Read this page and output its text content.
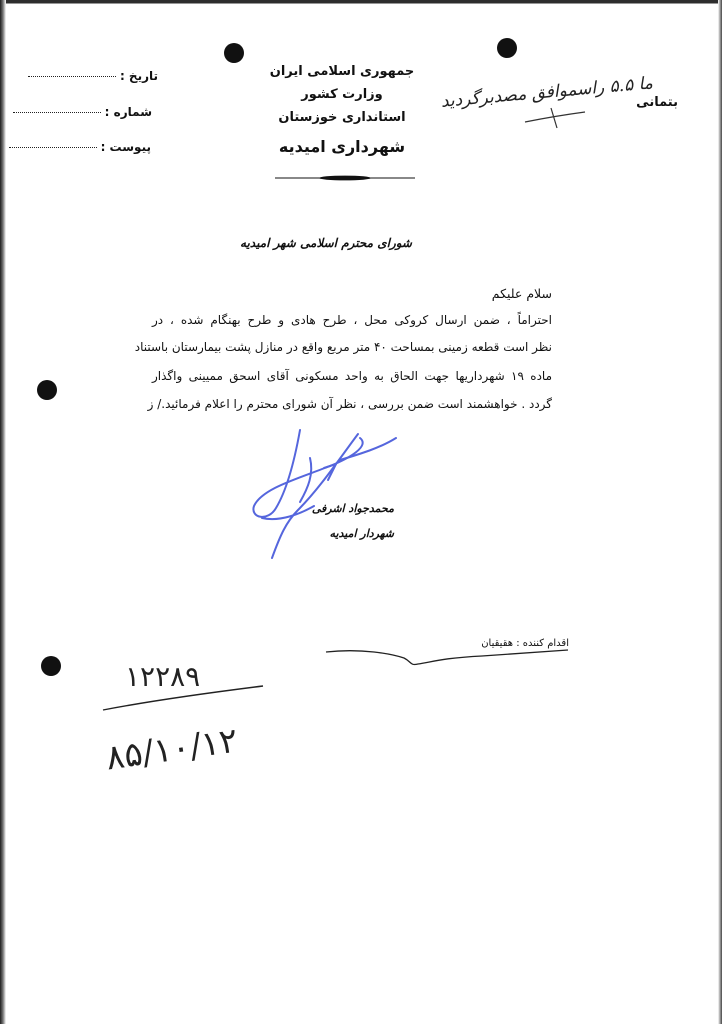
تاریخ :
شماره :
پیوست :
جمهوری اسلامی ایران
وزارت کشور
استانداری خوزستان
شهرداری امیدیه
ما ۵.۵ راسموافق مصدبرگردید
بتمانی
شورای محترم اسلامی شهر امیدیه
سلام علیکم
احتراماً ، ضمن ارسال کروکی محل ، طرح هادی و طرح بهنگام شده ، در
نظر است قطعه زمینی بمساحت ۴۰ متر مربع واقع در منازل پشت بیمارستان باستناد
ماده ۱۹ شهرداریها جهت الحاق به واحد مسکونی آقای اسحق ممیینی واگذار
گردد . خواهشمند است ضمن بررسی ، نظر آن شورای محترم را اعلام فرمائید./ ز
محمدجواد اشرفی
شهردار امیدیه
اقدام کننده : هقیقیان
۱۲۲۸۹
۸۵/۱۰/۱۲
